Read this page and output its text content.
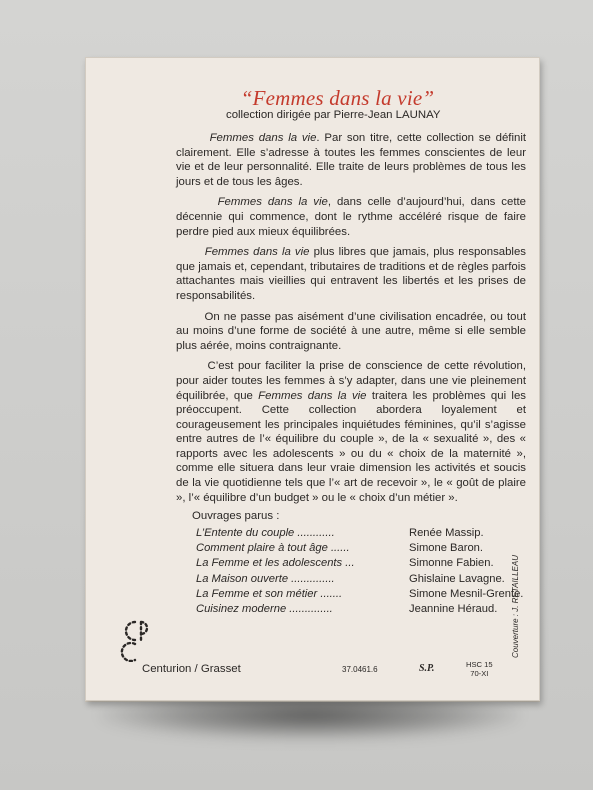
“Femmes dans la vie”
collection dirigée par Pierre-Jean LAUNAY

Femmes dans la vie. Par son titre, cette collection se définit clairement. Elle s’adresse à toutes les femmes conscientes de leur vie et de leur personnalité. Elle traite de leurs problèmes de tous les jours et de tous les âges.

Femmes dans la vie, dans celle d’aujourd’hui, dans cette décennie qui commence, dont le rythme accéléré risque de faire perdre pied aux mieux équilibrées.

Femmes dans la vie plus libres que jamais, plus responsables que jamais et, cependant, tributaires de traditions et de règles parfois attachantes mais vieillies qui entravent les libertés et les prises de responsabilités.

On ne passe pas aisément d’une civilisation encadrée, ou tout au moins d’une forme de société à une autre, même si elle semble plus aérée, moins contraignante.

C’est pour faciliter la prise de conscience de cette révolution, pour aider toutes les femmes à s’y adapter, dans une vie pleinement équilibrée, que Femmes dans la vie traitera les problèmes qui les préoccupent. Cette collection abordera loyalement et courageusement les principales inquiétudes féminines, qu’il s’agisse entre autres de l’« équilibre du couple », de la « sexualité », des « rapports avec les adolescents » ou du « choix de la maternité », comme elle situera dans leur vraie dimension les activités et soucis de la vie quotidienne tels que l’« art de recevoir », le « goût de plaire », l’« équilibre d’un budget » ou le « choix d’un métier ».

Ouvrages parus :
L’Entente du couple ............	Renée Massip.
Comment plaire à tout âge ......	Simone Baron.
La Femme et les adolescents ...	Simonne Fabien.
La Maison ouverte ..............	Ghislaine Lavagne.
La Femme et son métier .......	Simone Mesnil-Grente.
Cuisinez moderne ..............	Jeannine Héraud.
Centurion / Grasset	37.0461.6	S.P.	HSC 15
70-XI
Couverture : J. RETAILLEAU
